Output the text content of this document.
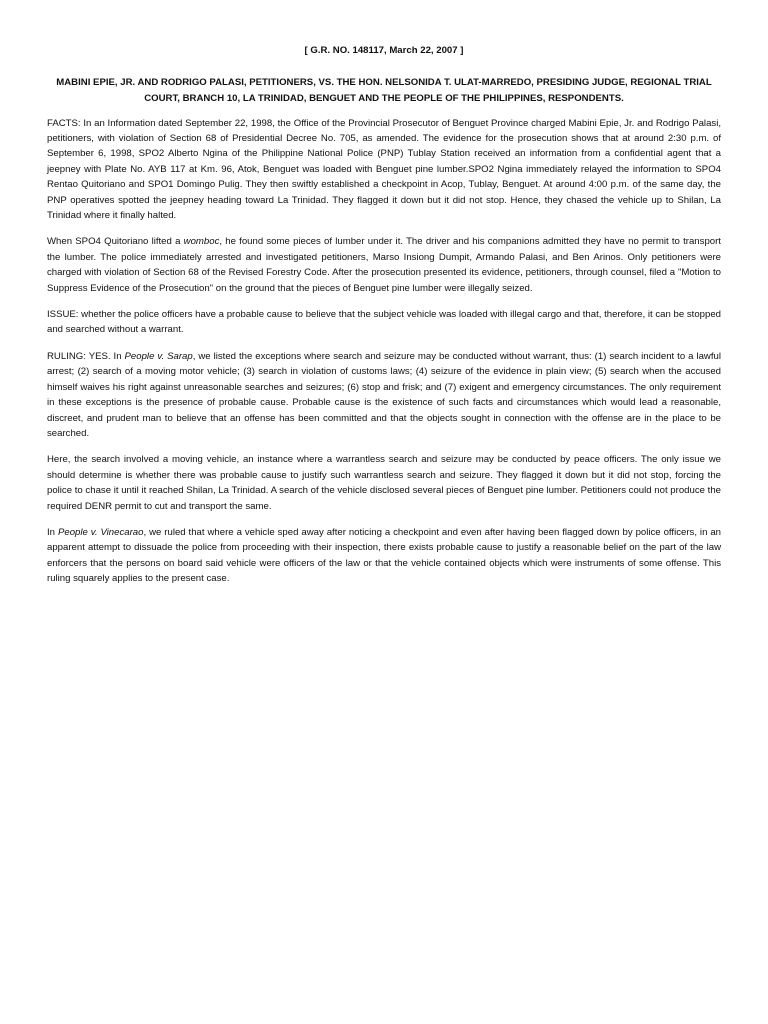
[ G.R. NO. 148117, March 22, 2007 ]

MABINI EPIE, JR. AND RODRIGO PALASI, PETITIONERS, VS. THE HON. NELSONIDA T. ULAT-MARREDO, PRESIDING JUDGE, REGIONAL TRIAL COURT, BRANCH 10, LA TRINIDAD, BENGUET AND THE PEOPLE OF THE PHILIPPINES, RESPONDENTS.

FACTS: In an Information dated September 22, 1998, the Office of the Provincial Prosecutor of Benguet Province charged Mabini Epie, Jr. and Rodrigo Palasi, petitioners, with violation of Section 68 of Presidential Decree No. 705, as amended. The evidence for the prosecution shows that at around 2:30 p.m. of September 6, 1998, SPO2 Alberto Ngina of the Philippine National Police (PNP) Tublay Station received an information from a confidential agent that a jeepney with Plate No. AYB 117 at Km. 96, Atok, Benguet was loaded with Benguet pine lumber.SPO2 Ngina immediately relayed the information to SPO4 Rentao Quitoriano and SPO1 Domingo Pulig. They then swiftly established a checkpoint in Acop, Tublay, Benguet. At around 4:00 p.m. of the same day, the PNP operatives spotted the jeepney heading toward La Trinidad. They flagged it down but it did not stop. Hence, they chased the vehicle up to Shilan, La Trinidad where it finally halted.

When SPO4 Quitoriano lifted a womboc, he found some pieces of lumber under it. The driver and his companions admitted they have no permit to transport the lumber. The police immediately arrested and investigated petitioners, Marso Insiong Dumpit, Armando Palasi, and Ben Arinos. Only petitioners were charged with violation of Section 68 of the Revised Forestry Code. After the prosecution presented its evidence, petitioners, through counsel, filed a "Motion to Suppress Evidence of the Prosecution" on the ground that the pieces of Benguet pine lumber were illegally seized.

ISSUE: whether the police officers have a probable cause to believe that the subject vehicle was loaded with illegal cargo and that, therefore, it can be stopped and searched without a warrant.

RULING: YES. In People v. Sarap, we listed the exceptions where search and seizure may be conducted without warrant, thus: (1) search incident to a lawful arrest; (2) search of a moving motor vehicle; (3) search in violation of customs laws; (4) seizure of the evidence in plain view; (5) search when the accused himself waives his right against unreasonable searches and seizures; (6) stop and frisk; and (7) exigent and emergency circumstances. The only requirement in these exceptions is the presence of probable cause. Probable cause is the existence of such facts and circumstances which would lead a reasonable, discreet, and prudent man to believe that an offense has been committed and that the objects sought in connection with the offense are in the place to be searched.

Here, the search involved a moving vehicle, an instance where a warrantless search and seizure may be conducted by peace officers. The only issue we should determine is whether there was probable cause to justify such warrantless search and seizure. They flagged it down but it did not stop, forcing the police to chase it until it reached Shilan, La Trinidad. A search of the vehicle disclosed several pieces of Benguet pine lumber. Petitioners could not produce the required DENR permit to cut and transport the same.

In People v. Vinecarao, we ruled that where a vehicle sped away after noticing a checkpoint and even after having been flagged down by police officers, in an apparent attempt to dissuade the police from proceeding with their inspection, there exists probable cause to justify a reasonable belief on the part of the law enforcers that the persons on board said vehicle were officers of the law or that the vehicle contained objects which were instruments of some offense. This ruling squarely applies to the present case.
